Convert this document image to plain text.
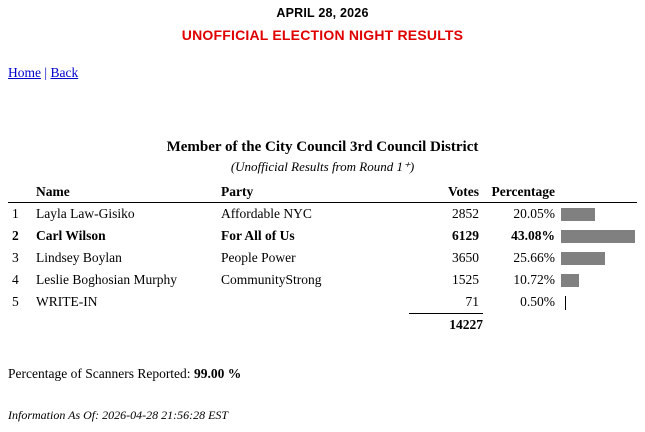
APRIL 28, 2026
UNOFFICIAL ELECTION NIGHT RESULTS
Home | Back
Member of the City Council 3rd Council District
(Unofficial Results from Round 1⁺)
	Name	Party	Votes	Percentage	
1	Layla Law-Gisiko	Affordable NYC	2852	20.05%	
2	Carl Wilson	For All of Us	6129	43.08%	
3	Lindsey Boylan	People Power	3650	25.66%	
4	Leslie Boghosian Murphy	CommunityStrong	1525	10.72%	
5	WRITE-IN		71	0.50%	
			14227		
Percentage of Scanners Reported: 99.00 %
Information As Of: 2026-04-28 21:56:28 EST
